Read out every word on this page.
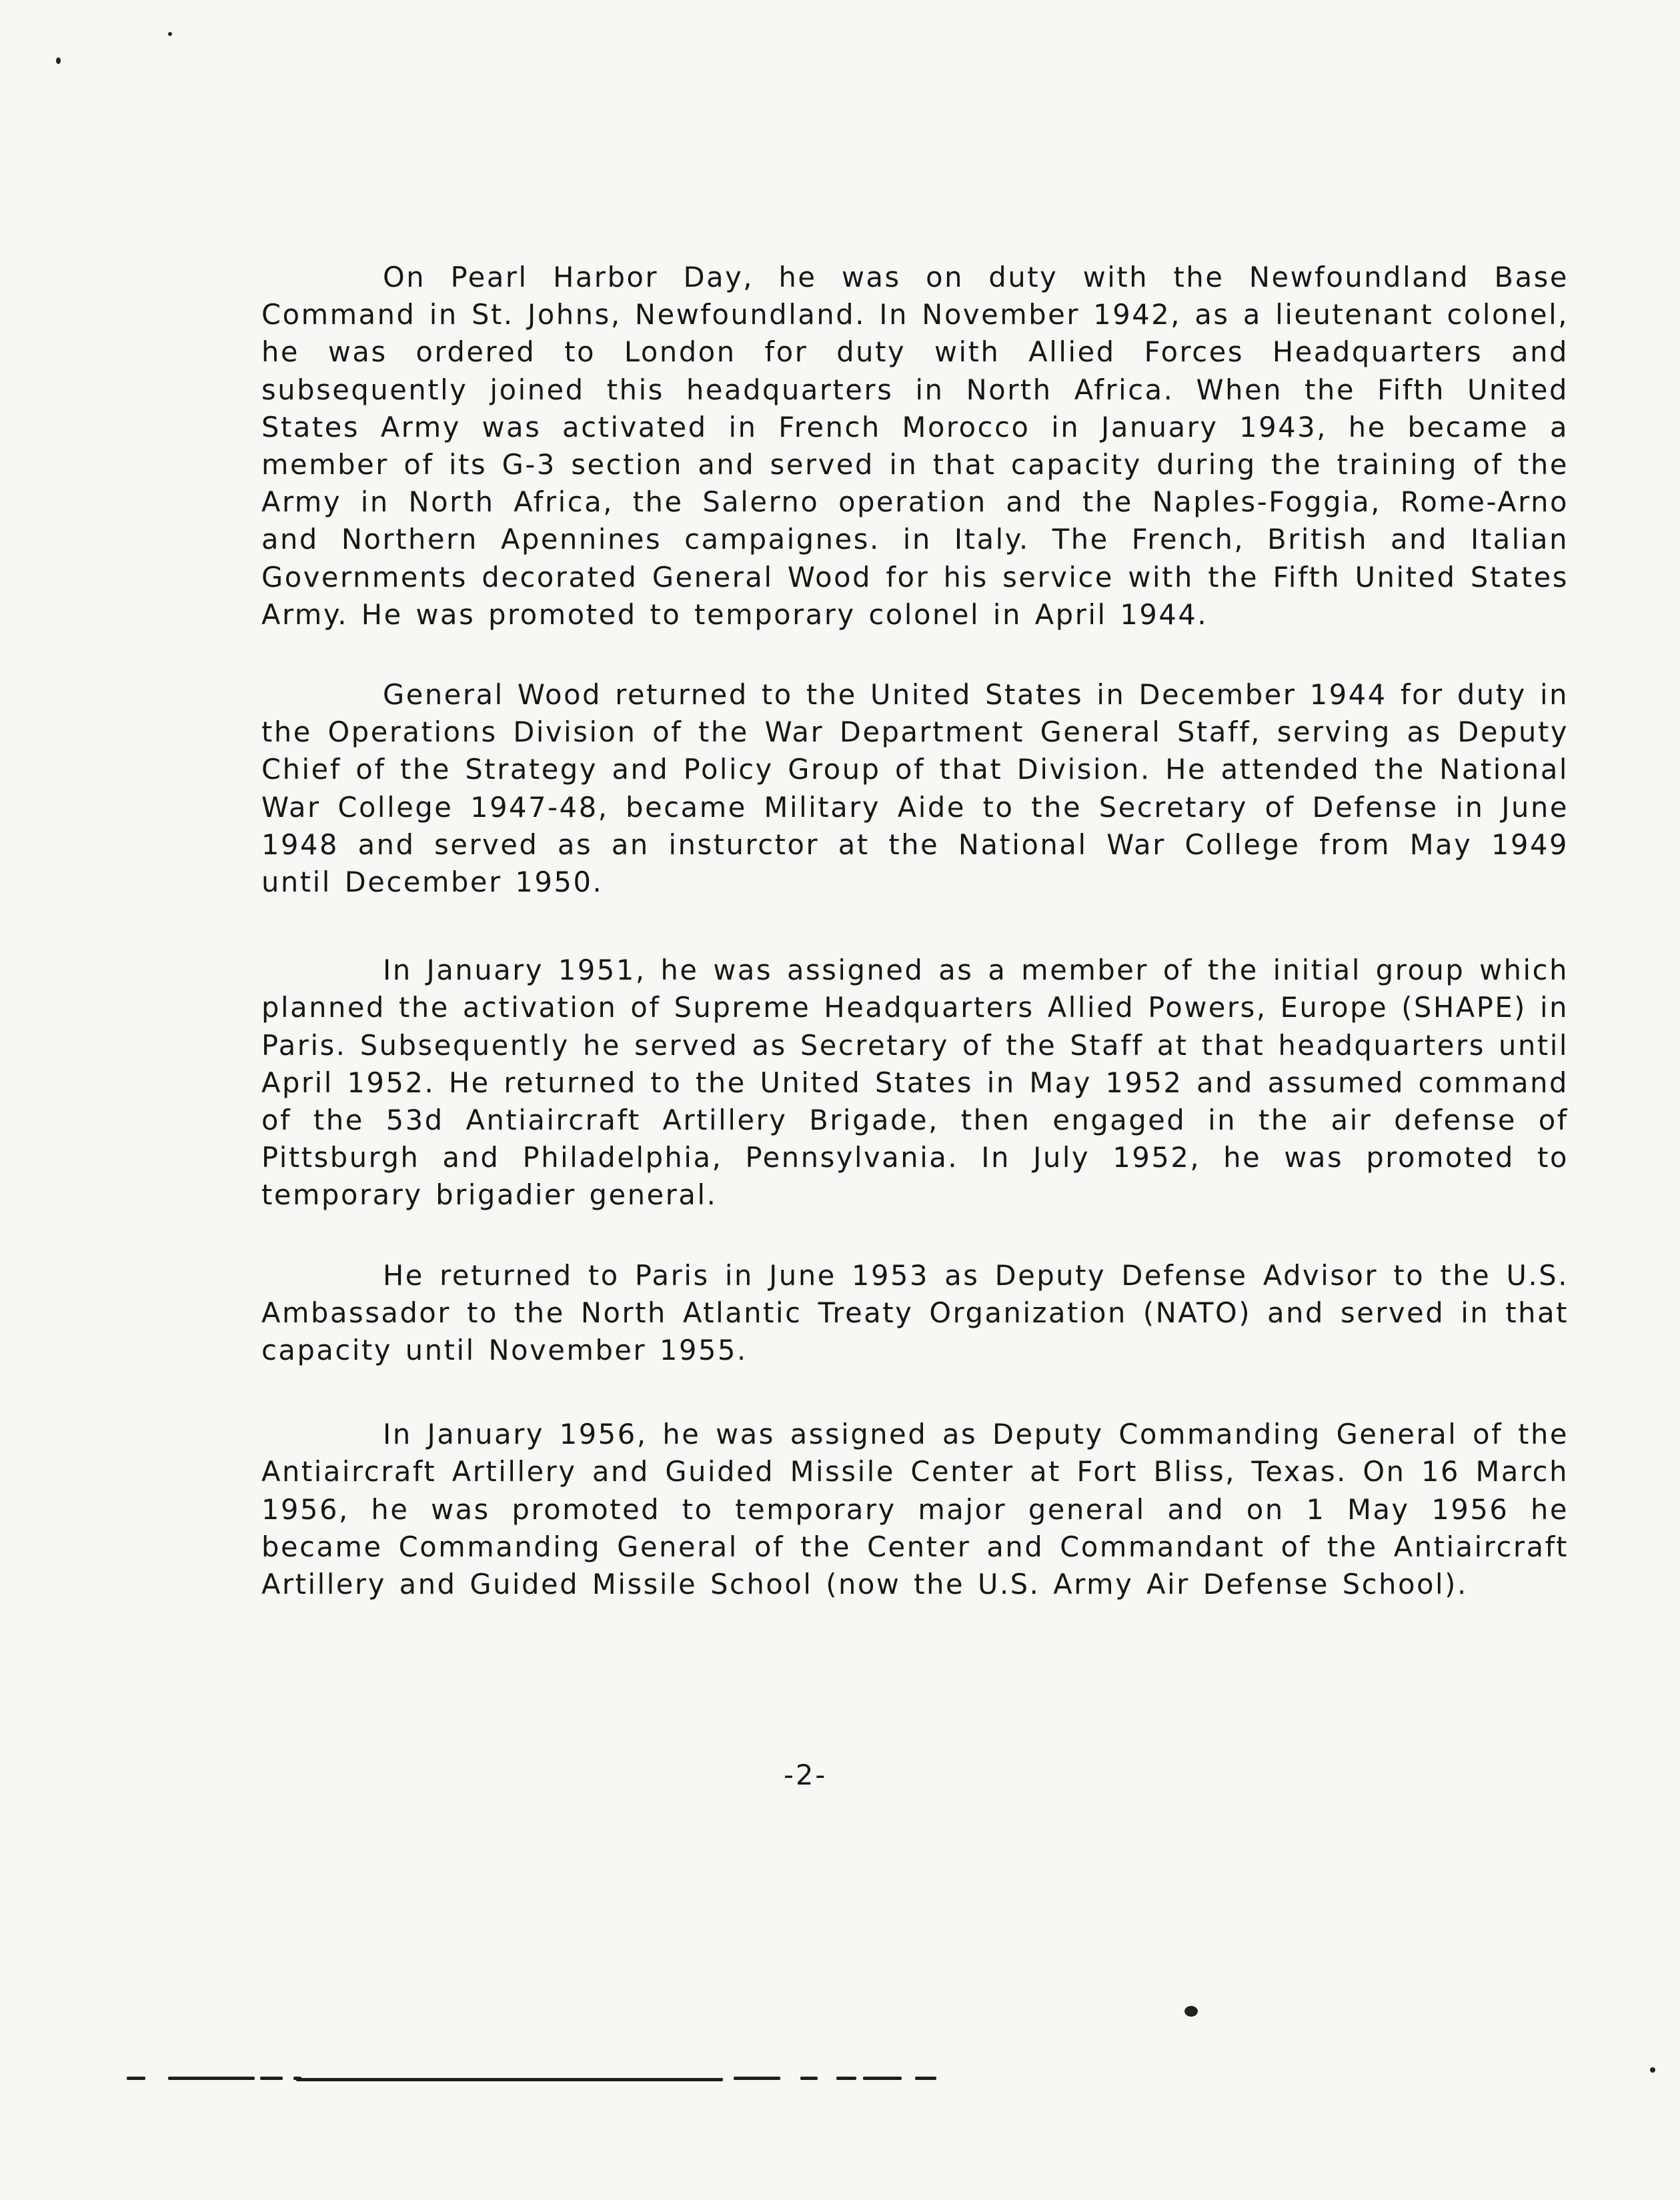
On Pearl Harbor Day, he was on duty with the Newfoundland Base Command in St. Johns, Newfoundland. In November 1942, as a lieutenant colonel, he was ordered to London for duty with Allied Forces Headquarters and subsequently joined this headquarters in North Africa. When the Fifth United States Army was activated in French Morocco in January 1943, he became a member of its G-3 section and served in that capacity during the training of the Army in North Africa, the Salerno operation and the Naples-Foggia, Rome-Arno and Northern Apennines campaignes. in Italy. The French, British and Italian Governments decorated General Wood for his service with the Fifth United States Army. He was promoted to temporary colonel in April 1944.

General Wood returned to the United States in December 1944 for duty in the Operations Division of the War Department General Staff, serving as Deputy Chief of the Strategy and Policy Group of that Division. He attended the National War College 1947-48, became Military Aide to the Secretary of Defense in June 1948 and served as an insturctor at the National War College from May 1949 until December 1950.

In January 1951, he was assigned as a member of the initial group which planned the activation of Supreme Headquarters Allied Powers, Europe (SHAPE) in Paris. Subsequently he served as Secretary of the Staff at that headquarters until April 1952. He returned to the United States in May 1952 and assumed command of the 53d Antiaircraft Artillery Brigade, then engaged in the air defense of Pittsburgh and Philadelphia, Pennsylvania. In July 1952, he was promoted to temporary brigadier general.

He returned to Paris in June 1953 as Deputy Defense Advisor to the U.S. Ambassador to the North Atlantic Treaty Organization (NATO) and served in that capacity until November 1955.

In January 1956, he was assigned as Deputy Commanding General of the Antiaircraft Artillery and Guided Missile Center at Fort Bliss, Texas. On 16 March 1956, he was promoted to temporary major general and on 1 May 1956 he became Commanding General of the Center and Commandant of the Antiaircraft Artillery and Guided Missile School (now the U.S. Army Air Defense School).

-2-
